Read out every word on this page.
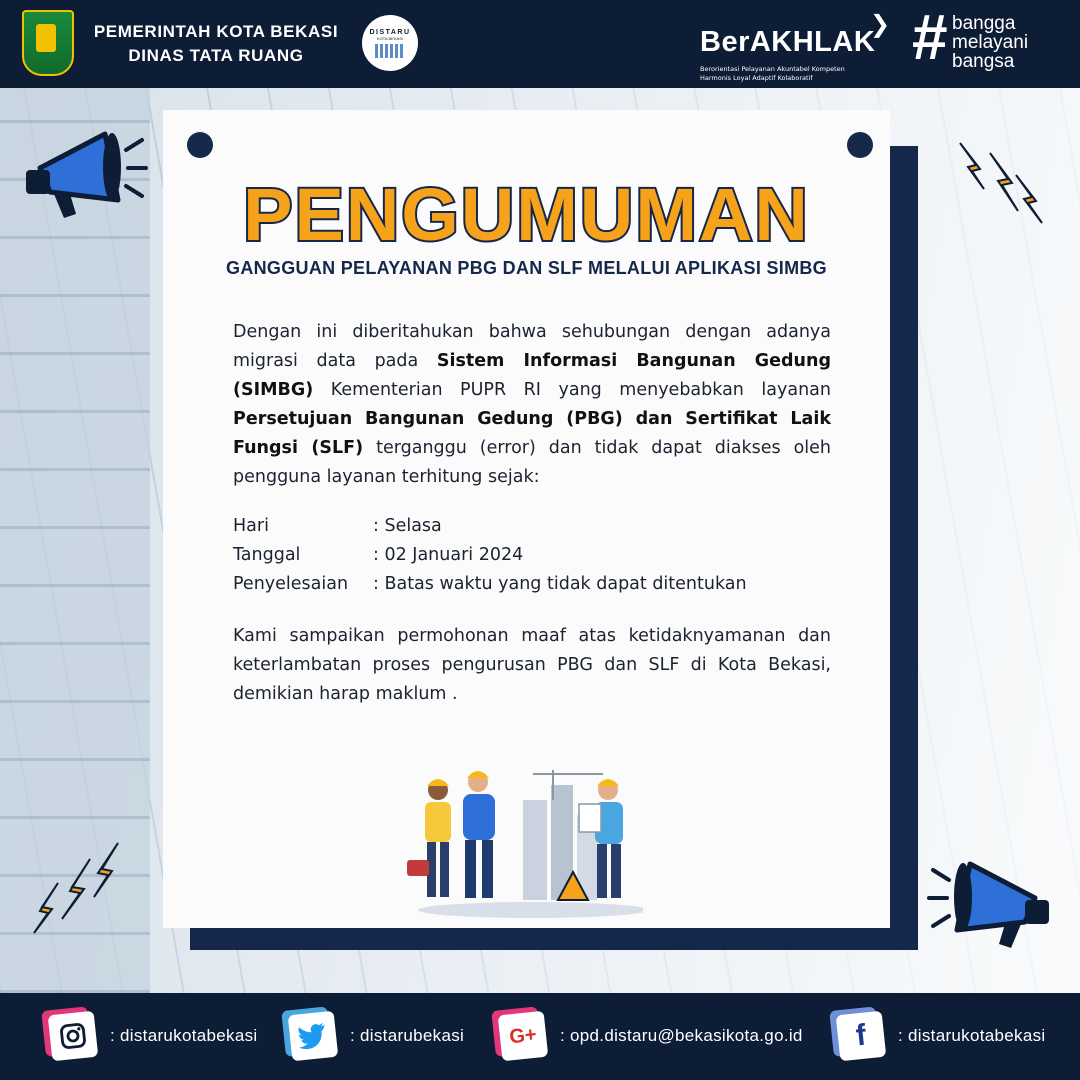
PEMERINTAH KOTA BEKASI
DINAS TATA RUANG
DISTARU
KOTA BEKASI	BerAKHLAK
❯
Berorientasi Pelayanan Akuntabel Kompeten
Harmonis Loyal Adaptif Kolaboratif
# bangga
melayani
bangsa
PENGUMUMAN
GANGGUAN PELAYANAN PBG DAN SLF MELALUI APLIKASI SIMBG
Dengan ini diberitahukan bahwa sehubungan dengan adanya migrasi data pada Sistem Informasi Bangunan Gedung (SIMBG) Kementerian PUPR RI yang menyebabkan layanan Persetujuan Bangunan Gedung (PBG) dan Sertifikat Laik Fungsi (SLF) terganggu (error) dan tidak dapat diakses oleh pengguna layanan terhitung sejak:
Hari	: Selasa
Tanggal	: 02 Januari 2024
Penyelesaian	: Batas waktu yang tidak dapat ditentukan
Kami sampaikan permohonan maaf atas ketidaknyamanan dan keterlambatan proses pengurusan PBG dan SLF di Kota Bekasi, demikian harap maklum .
: distarukotabekasi	: distarubekasi G+ : opd.distaru@bekasikota.go.id f : distarukotabekasi
